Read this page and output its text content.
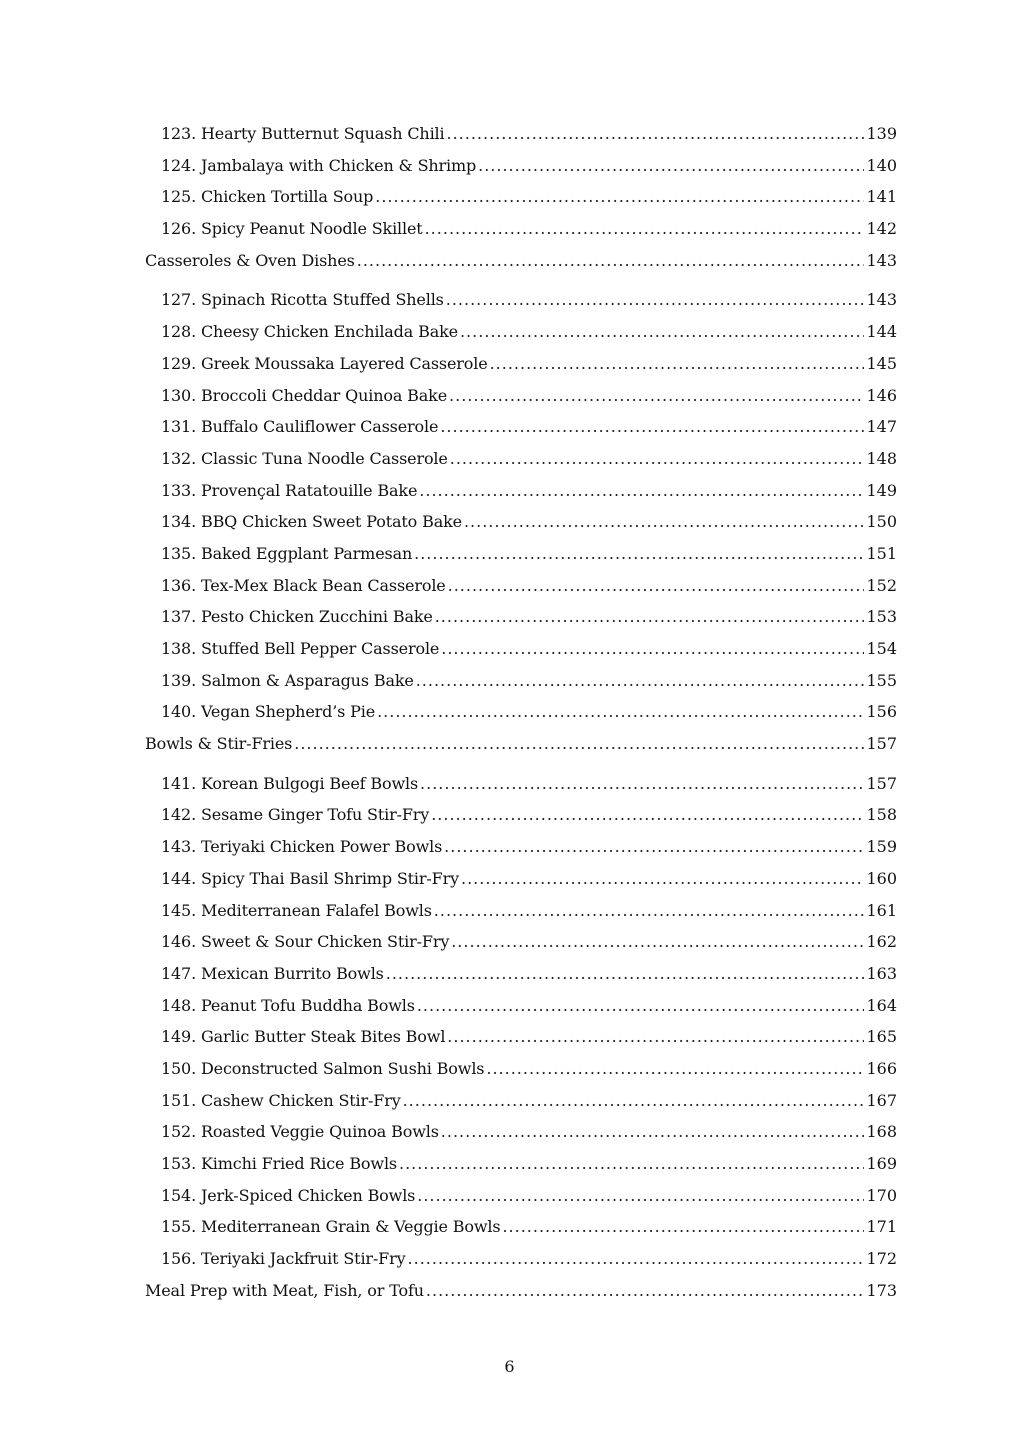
123. Hearty Butternut Squash Chili .....	139
124. Jambalaya with Chicken & Shrimp .....	140
125. Chicken Tortilla Soup .....	141
126. Spicy Peanut Noodle Skillet .....	142
Casseroles & Oven Dishes .....	143
127. Spinach Ricotta Stuffed Shells .....	143
128. Cheesy Chicken Enchilada Bake .....	144
129. Greek Moussaka Layered Casserole .....	145
130. Broccoli Cheddar Quinoa Bake .....	146
131. Buffalo Cauliflower Casserole .....	147
132. Classic Tuna Noodle Casserole .....	148
133. Provençal Ratatouille Bake .....	149
134. BBQ Chicken Sweet Potato Bake .....	150
135. Baked Eggplant Parmesan .....	151
136. Tex-Mex Black Bean Casserole .....	152
137. Pesto Chicken Zucchini Bake .....	153
138. Stuffed Bell Pepper Casserole .....	154
139. Salmon & Asparagus Bake .....	155
140. Vegan Shepherd’s Pie .....	156
Bowls & Stir-Fries .....	157
141. Korean Bulgogi Beef Bowls .....	157
142. Sesame Ginger Tofu Stir-Fry .....	158
143. Teriyaki Chicken Power Bowls .....	159
144. Spicy Thai Basil Shrimp Stir-Fry .....	160
145. Mediterranean Falafel Bowls .....	161
146. Sweet & Sour Chicken Stir-Fry .....	162
147. Mexican Burrito Bowls .....	163
148. Peanut Tofu Buddha Bowls .....	164
149. Garlic Butter Steak Bites Bowl .....	165
150. Deconstructed Salmon Sushi Bowls .....	166
151. Cashew Chicken Stir-Fry .....	167
152. Roasted Veggie Quinoa Bowls .....	168
153. Kimchi Fried Rice Bowls .....	169
154. Jerk-Spiced Chicken Bowls .....	170
155. Mediterranean Grain & Veggie Bowls .....	171
156. Teriyaki Jackfruit Stir-Fry .....	172
Meal Prep with Meat, Fish, or Tofu .....	173
6
